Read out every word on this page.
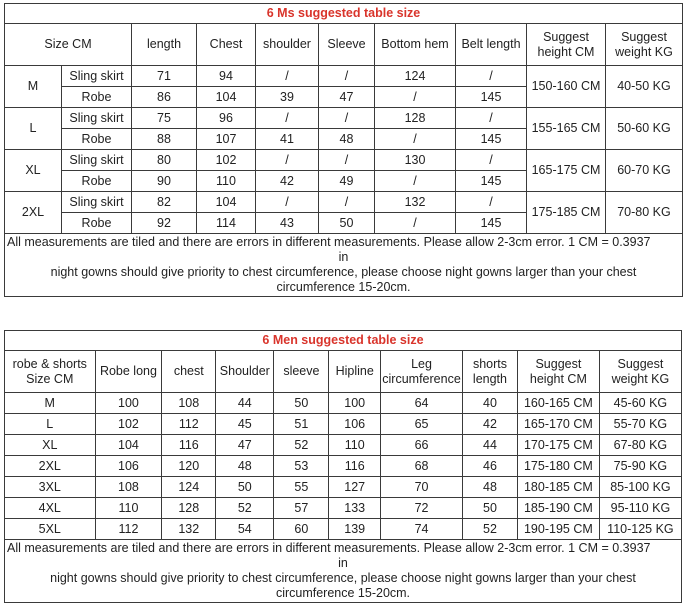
6 Ms suggested table size									
Size CM		length	Chest	shoulder	Sleeve	Bottom hem	Belt length	Suggest height CM	Suggest weight KG
M	Sling skirt	71	94	/	/	124	/	150-160 CM	40-50 KG
	Robe	86	104	39	47	/	145		
L	Sling skirt	75	96	/	/	128	/	155-165 CM	50-60 KG
	Robe	88	107	41	48	/	145		
XL	Sling skirt	80	102	/	/	130	/	165-175 CM	60-70 KG
	Robe	90	110	42	49	/	145		
2XL	Sling skirt	82	104	/	/	132	/	175-185 CM	70-80 KG
	Robe	92	114	43	50	/	145		

All measurements are tiled and there are errors in different measurements. Please allow 2-3cm error. 1 CM = 0.3937
in
night gowns should give priority to chest circumference, please choose night gowns larger than your chest
circumference 15-20cm.									
6 Men suggested table size									
robe & shorts Size CM	Robe long	chest	Shoulder	sleeve	Hipline	Leg circumference	shorts length	Suggest height CM	Suggest weight KG
M	100	108	44	50	100	64	40	160-165 CM	45-60 KG
L	102	112	45	51	106	65	42	165-170 CM	55-70 KG
XL	104	116	47	52	110	66	44	170-175 CM	67-80 KG
2XL	106	120	48	53	116	68	46	175-180 CM	75-90 KG
3XL	108	124	50	55	127	70	48	180-185 CM	85-100 KG
4XL	110	128	52	57	133	72	50	185-190 CM	95-110 KG
5XL	112	132	54	60	139	74	52	190-195 CM	110-125 KG

All measurements are tiled and there are errors in different measurements. Please allow 2-3cm error. 1 CM = 0.3937
in
night gowns should give priority to chest circumference, please choose night gowns larger than your chest
circumference 15-20cm.									
